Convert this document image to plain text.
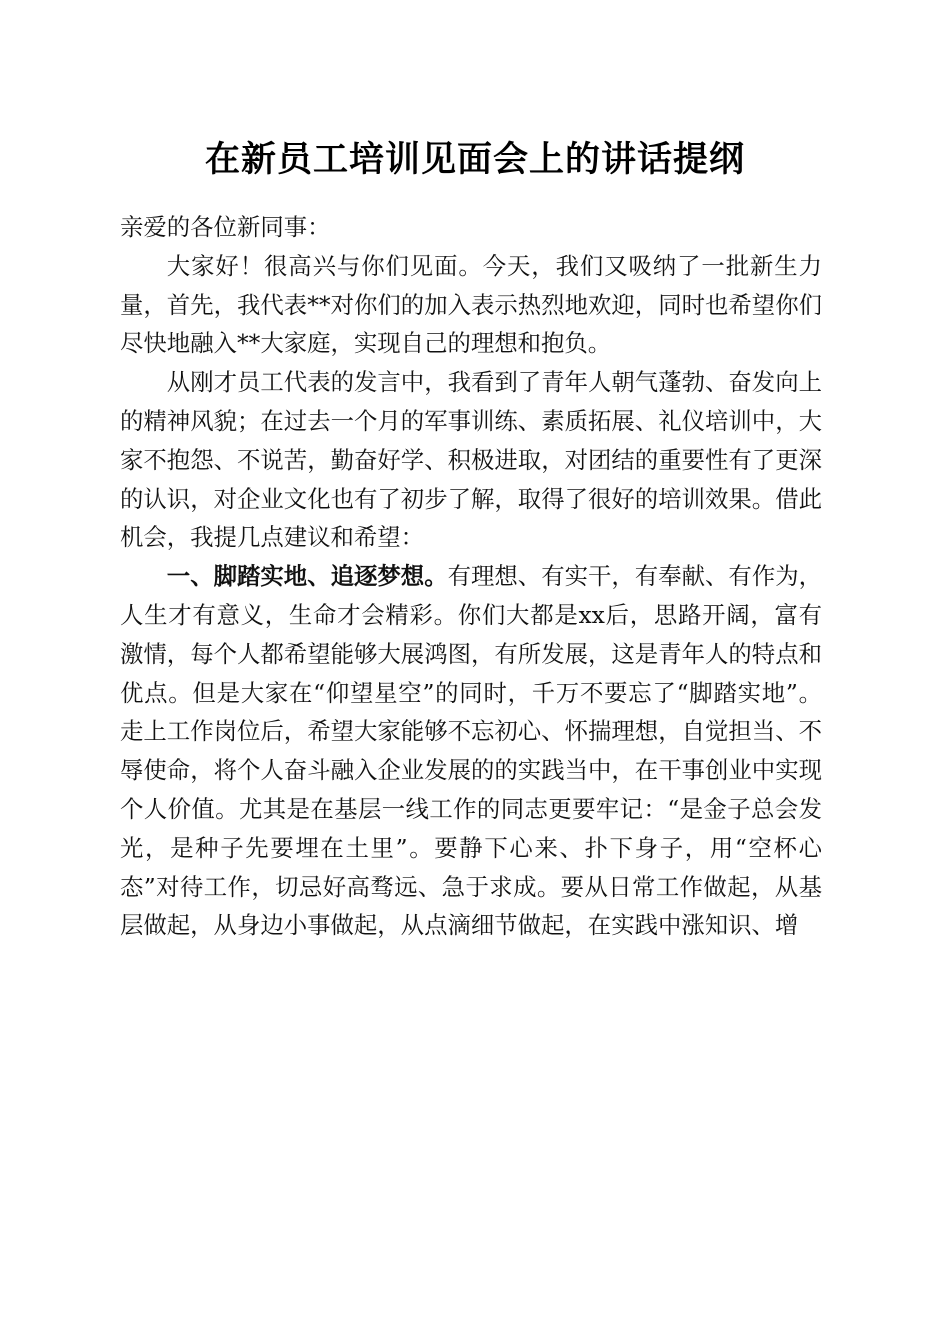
在新员工培训见面会上的讲话提纲

亲爱的各位新同事：

大家好！很高兴与你们见面。今天，我们又吸纳了一批新生力量，首先，我代表**对你们的加入表示热烈地欢迎，同时也希望你们尽快地融入**大家庭，实现自己的理想和抱负。

从刚才员工代表的发言中，我看到了青年人朝气蓬勃、奋发向上的精神风貌；在过去一个月的军事训练、素质拓展、礼仪培训中，大家不抱怨、不说苦，勤奋好学、积极进取，对团结的重要性有了更深的认识，对企业文化也有了初步了解，取得了很好的培训效果。借此机会，我提几点建议和希望：

一、脚踏实地、追逐梦想。有理想、有实干，有奉献、有作为，人生才有意义，生命才会精彩。你们大都是xx后，思路开阔，富有激情，每个人都希望能够大展鸿图，有所发展，这是青年人的特点和优点。但是大家在“仰望星空”的同时，千万不要忘了“脚踏实地”。走上工作岗位后，希望大家能够不忘初心、怀揣理想，自觉担当、不辱使命，将个人奋斗融入企业发展的的实践当中，在干事创业中实现个人价值。尤其是在基层一线工作的同志更要牢记：“是金子总会发光，是种子先要埋在土里”。要静下心来、扑下身子，用“空杯心态”对待工作，切忌好高骛远、急于求成。要从日常工作做起，从基层做起，从身边小事做起，从点滴细节做起，在实践中涨知识、增
